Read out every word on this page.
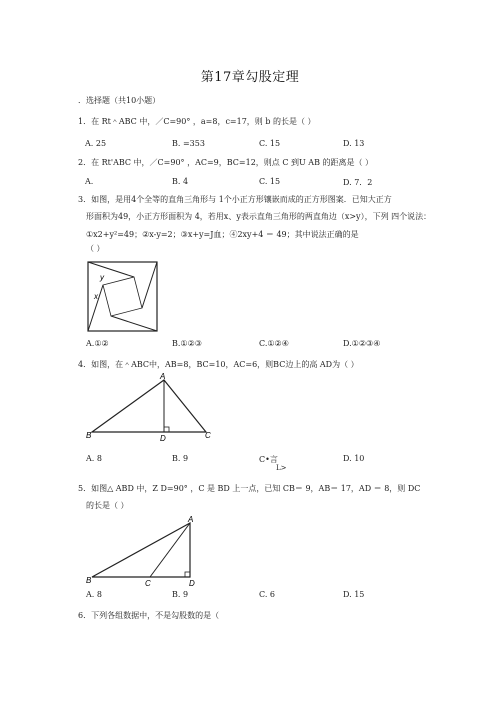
第17章勾股定理
．选择题（共10小题）
1．在 Rt＾ABC 中，／C=90° ，a=8，c=17，则 b 的长是（ ）
A. 25	B. =353	C. 15	D. 13
2．在 Rt'ABC 中，／C=90° ，AC=9，BC=12，则点 C 到U AB 的距离是（ ）
A.	B. 4	C. 15	D. 7．2
3．如图，是用4个全等的直角三角形与 1个小正方形镶嵌而成的正方形图案．已知大正方
形面积为49，小正方形面积为 4，若用x、y表示直角三角形的两直角边（x>y），下列 四个说法：
①x2+y²=49；②x-y=2；③x+y=J血；④2xy+4 ＝ 49；其中说法正确的是
（ ）
y
x
A.①②	B.①②③	C.①②④	D.①②③④
4．如图，在＾ABC中，AB=8，BC=10，AC=6，则BC边上的高 AD为（ ）
A
B	D	C
A. 8	B. 9	C•言	D. 10
L>
5．如图△ ABD 中，Z D=90° ，C 是 BD 上一点，已知 CB＝ 9，AB＝ 17，AD ＝ 8，则 DC
的长是（ ）
A
B	C	D
A. 8	B. 9	C. 6	D. 15
6．下列各组数据中，不是勾股数的是（
